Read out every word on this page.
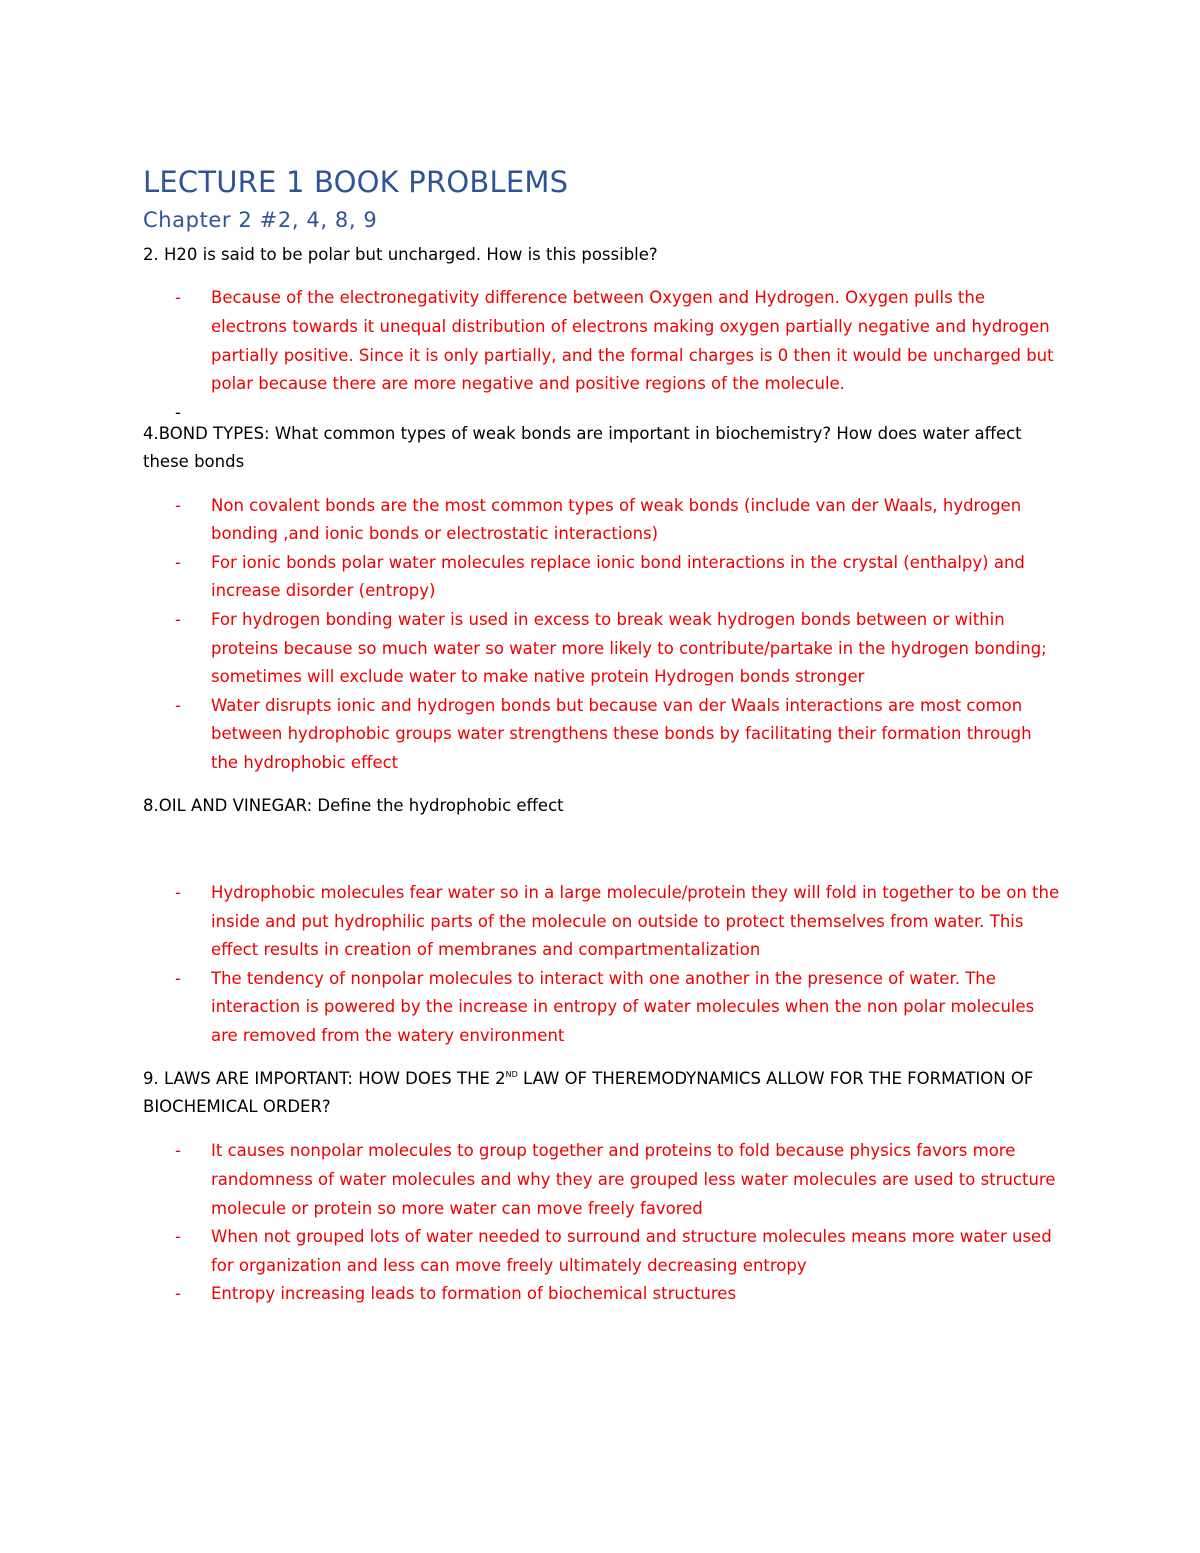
LECTURE 1 BOOK PROBLEMS
Chapter 2 #2, 4, 8, 9

2. H20 is said to be polar but uncharged. How is this possible?

- Because of the electronegativity difference between Oxygen and Hydrogen. Oxygen pulls the electrons towards it unequal distribution of electrons making oxygen partially negative and hydrogen partially positive. Since it is only partially, and the formal charges is 0 then it would be uncharged but polar because there are more negative and positive regions of the molecule.
-

4.BOND TYPES: What common types of weak bonds are important in biochemistry? How does water affect these bonds

- Non covalent bonds are the most common types of weak bonds (include van der Waals, hydrogen bonding ,and ionic bonds or electrostatic interactions)
- For ionic bonds polar water molecules replace ionic bond interactions in the crystal (enthalpy) and increase disorder (entropy)
- For hydrogen bonding water is used in excess to break weak hydrogen bonds between or within proteins because so much water so water more likely to contribute/partake in the hydrogen bonding; sometimes will exclude water to make native protein Hydrogen bonds stronger
- Water disrupts ionic and hydrogen bonds but because van der Waals interactions are most comon between hydrophobic groups water strengthens these bonds by facilitating their formation through the hydrophobic effect

8.OIL AND VINEGAR: Define the hydrophobic effect

- Hydrophobic molecules fear water so in a large molecule/protein they will fold in together to be on the inside and put hydrophilic parts of the molecule on outside to protect themselves from water. This effect results in creation of membranes and compartmentalization
- The tendency of nonpolar molecules to interact with one another in the presence of water. The interaction is powered by the increase in entropy of water molecules when the non polar molecules are removed from the watery environment

9. LAWS ARE IMPORTANT: HOW DOES THE 2ND LAW OF THEREMODYNAMICS ALLOW FOR THE FORMATION OF BIOCHEMICAL ORDER?

- It causes nonpolar molecules to group together and proteins to fold because physics favors more randomness of water molecules and why they are grouped less water molecules are used to structure molecule or protein so more water can move freely favored
- When not grouped lots of water needed to surround and structure molecules means more water used for organization and less can move freely ultimately decreasing entropy
- Entropy increasing leads to formation of biochemical structures
